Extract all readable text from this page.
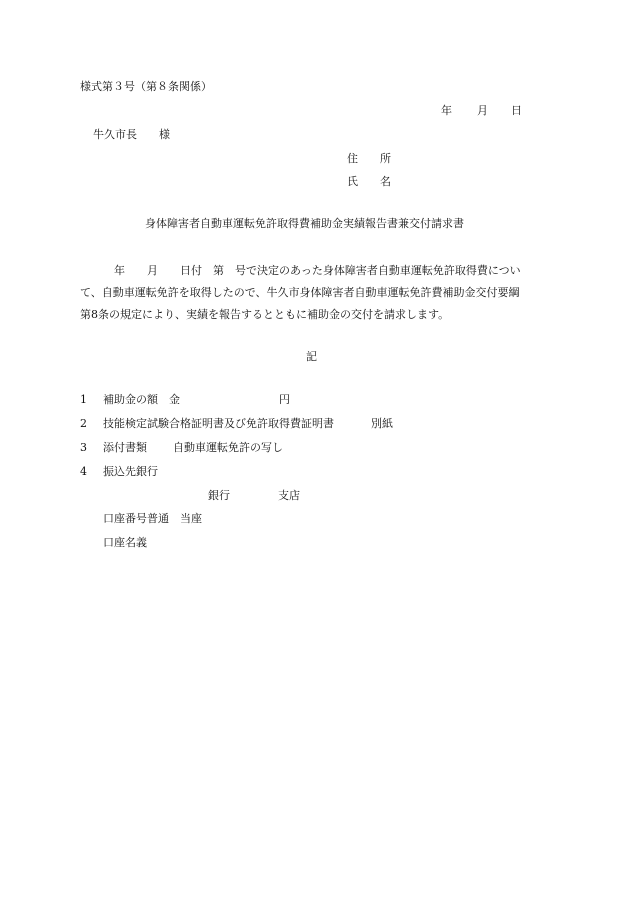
様式第３号（第８条関係）
年 月 日
牛久市長　　様
住　　所
氏　　名
身体障害者自動車運転免許取得費補助金実績報告書兼交付請求書
年　　月　　日付　第　号で決定のあった身体障害者自動車運転免許取得費につい
て、自動車運転免許を取得したので、牛久市身体障害者自動車運転免許費補助金交付要綱
第8条の規定により、実績を報告するとともに補助金の交付を請求します。
記
1 補助金の額　金	円
2 技能検定試験合格証明書及び免許取得費証明書	別紙
3 添付書類 自動車運転免許の写し
4 振込先銀行
銀行	支店
口座番号普通　当座
口座名義
